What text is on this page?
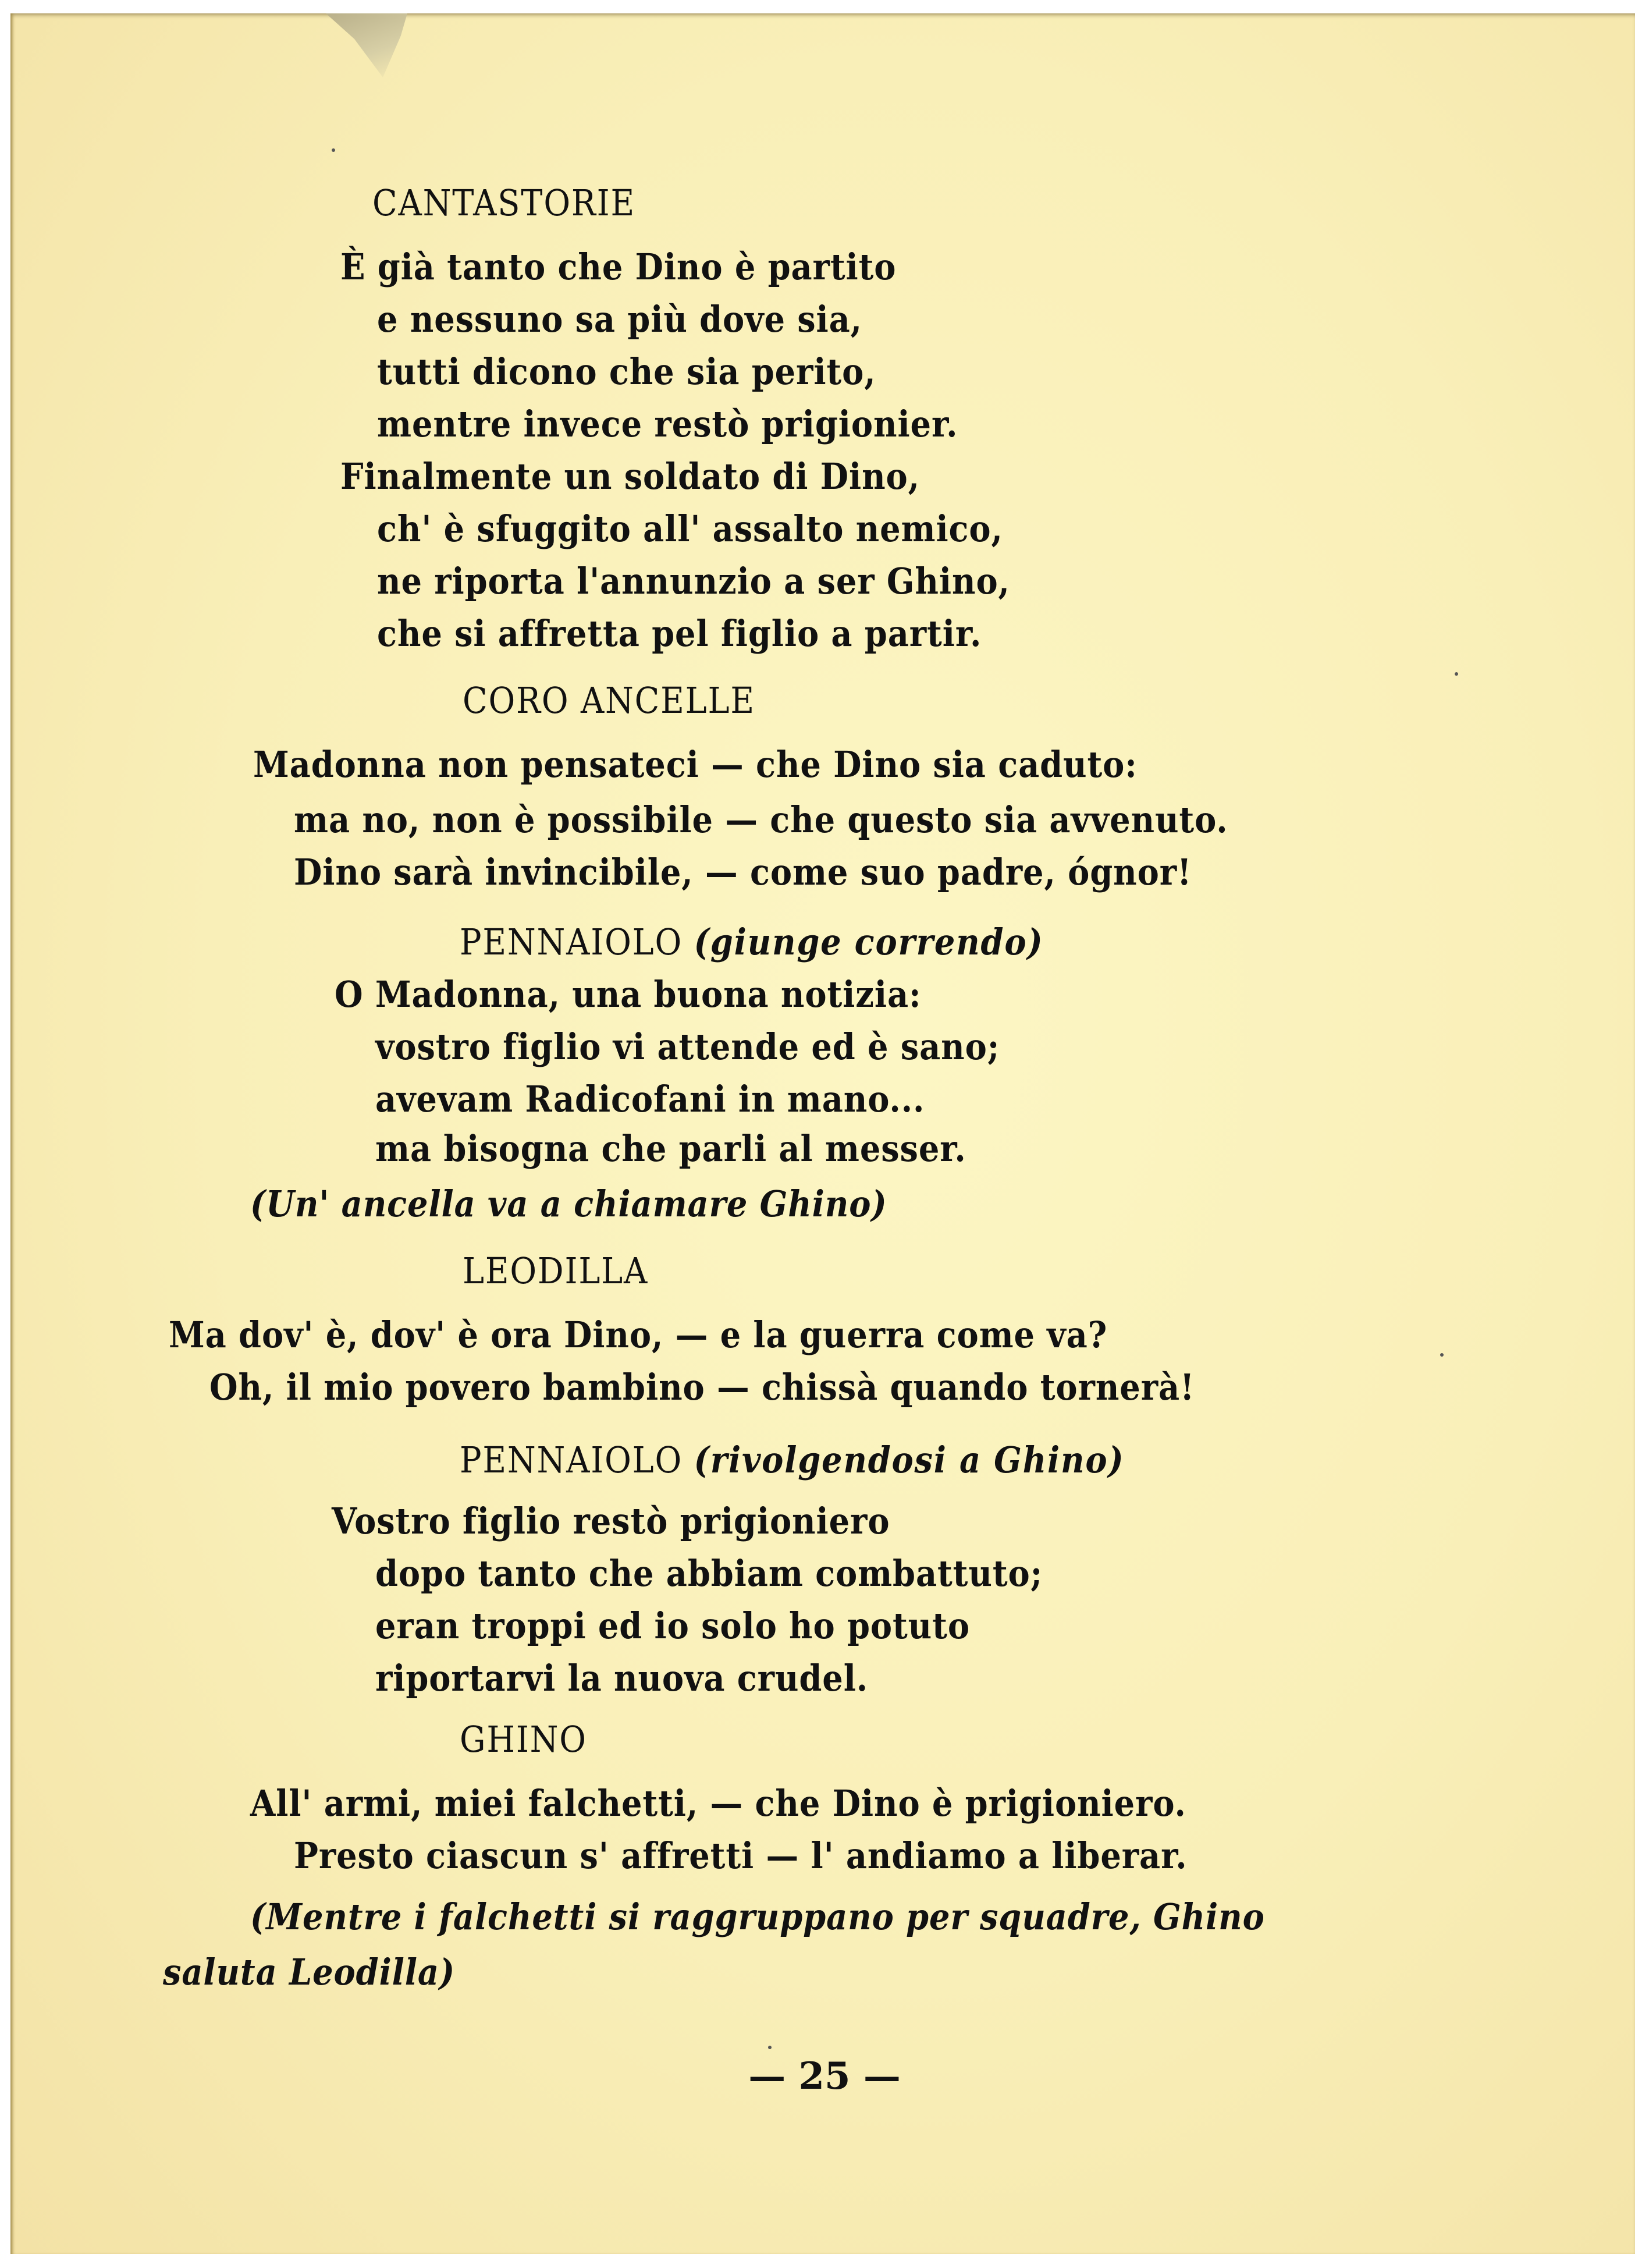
CANTASTORIE
È già tanto che Dino è partito
e nessuno sa più dove sia,
tutti dicono che sia perito,
mentre invece restò prigionier.
Finalmente un soldato di Dino,
ch' è sfuggito all' assalto nemico,
ne riporta l'annunzio a ser Ghino,
che si affretta pel figlio a partir.
CORO ANCELLE
Madonna non pensateci — che Dino sia caduto:
ma no, non è possibile — che questo sia avvenuto.
Dino sarà invincibile, — come suo padre, ógnor!
PENNAIOLO (giunge correndo)
O Madonna, una buona notizia:
vostro figlio vi attende ed è sano;
avevam Radicofani in mano...
ma bisogna che parli al messer.
(Un' ancella va a chiamare Ghino)
LEODILLA
Ma dov' è, dov' è ora Dino, — e la guerra come va?
Oh, il mio povero bambino — chissà quando tornerà!
PENNAIOLO (rivolgendosi a Ghino)
Vostro figlio restò prigioniero
dopo tanto che abbiam combattuto;
eran troppi ed io solo ho potuto
riportarvi la nuova crudel.
GHINO
All' armi, miei falchetti, — che Dino è prigioniero.
Presto ciascun s' affretti — l' andiamo a liberar.
(Mentre i falchetti si raggruppano per squadre, Ghino
saluta Leodilla)
— 25 —
